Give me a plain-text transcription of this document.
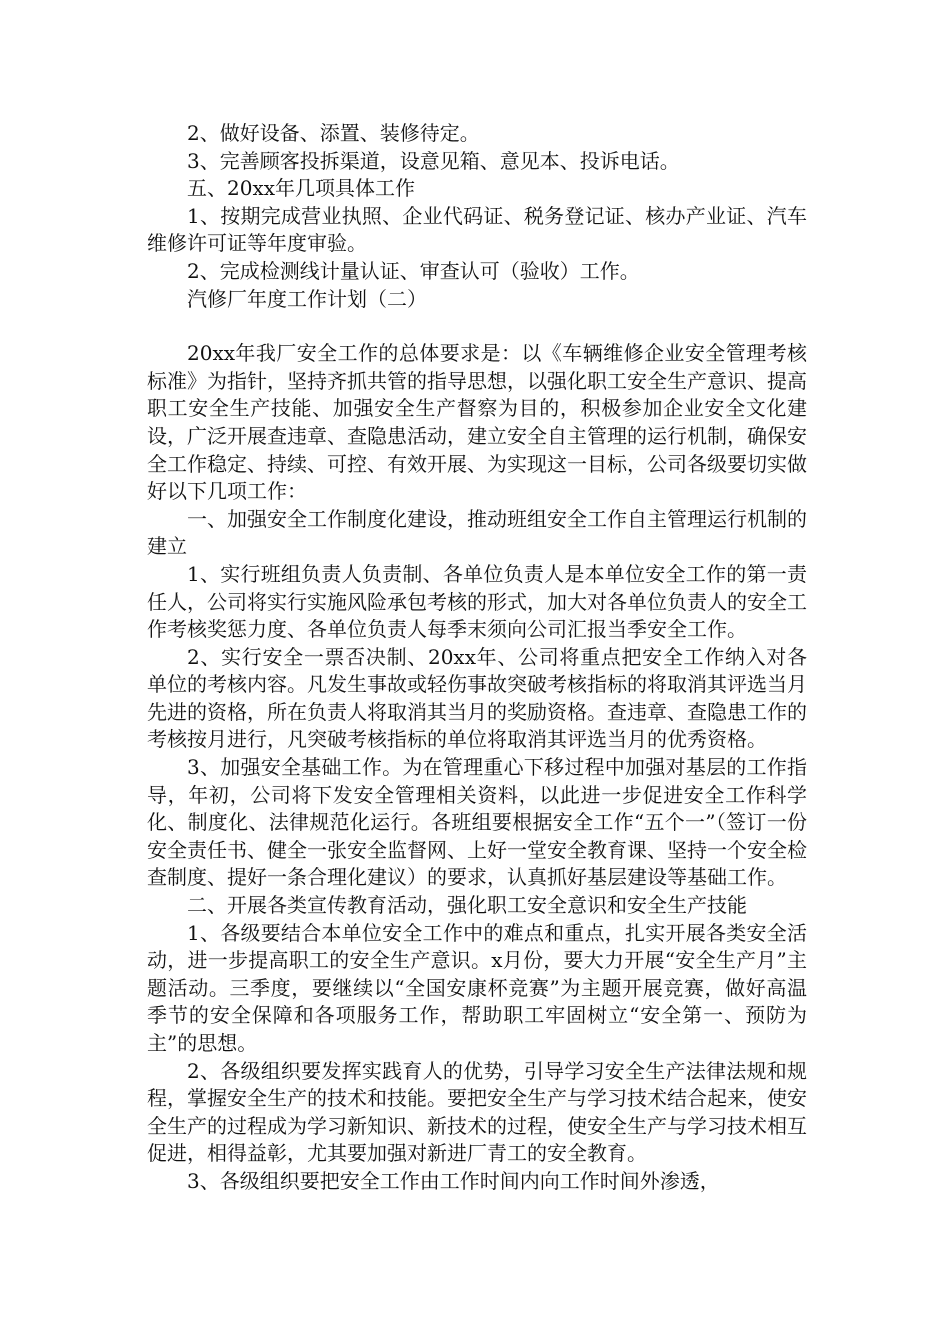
2、做好设备、添置、装修待定。

3、完善顾客投拆渠道，设意见箱、意见本、投诉电话。

五、20xx年几项具体工作

1、按期完成营业执照、企业代码证、税务登记证、核办产业证、汽车维修许可证等年度审验。

2、完成检测线计量认证、审查认可（验收）工作。

汽修厂年度工作计划（二）

20xx年我厂安全工作的总体要求是：以《车辆维修企业安全管理考核标准》为指针，坚持齐抓共管的指导思想，以强化职工安全生产意识、提高职工安全生产技能、加强安全生产督察为目的，积极参加企业安全文化建设，广泛开展查违章、查隐患活动，建立安全自主管理的运行机制，确保安全工作稳定、持续、可控、有效开展、为实现这一目标，公司各级要切实做好以下几项工作：

一、加强安全工作制度化建设，推动班组安全工作自主管理运行机制的建立

1、实行班组负责人负责制、各单位负责人是本单位安全工作的第一责任人，公司将实行实施风险承包考核的形式，加大对各单位负责人的安全工作考核奖惩力度、各单位负责人每季末须向公司汇报当季安全工作。

2、实行安全一票否决制、20xx年、公司将重点把安全工作纳入对各单位的考核内容。凡发生事故或轻伤事故突破考核指标的将取消其评选当月先进的资格，所在负责人将取消其当月的奖励资格。查违章、查隐患工作的考核按月进行，凡突破考核指标的单位将取消其评选当月的优秀资格。

3、加强安全基础工作。为在管理重心下移过程中加强对基层的工作指导，年初，公司将下发安全管理相关资料，以此进一步促进安全工作科学化、制度化、法律规范化运行。各班组要根据安全工作“五个一”（签订一份安全责任书、健全一张安全监督网、上好一堂安全教育课、坚持一个安全检查制度、提好一条合理化建议）的要求，认真抓好基层建设等基础工作。

二、开展各类宣传教育活动，强化职工安全意识和安全生产技能

1、各级要结合本单位安全工作中的难点和重点，扎实开展各类安全活动，进一步提高职工的安全生产意识。x月份，要大力开展“安全生产月”主题活动。三季度，要继续以“全国安康杯竞赛”为主题开展竞赛，做好高温季节的安全保障和各项服务工作，帮助职工牢固树立“安全第一、预防为主”的思想。

2、各级组织要发挥实践育人的优势，引导学习安全生产法律法规和规程，掌握安全生产的技术和技能。要把安全生产与学习技术结合起来，使安全生产的过程成为学习新知识、新技术的过程，使安全生产与学习技术相互促进，相得益彰，尤其要加强对新进厂青工的安全教育。

3、各级组织要把安全工作由工作时间内向工作时间外渗透，
